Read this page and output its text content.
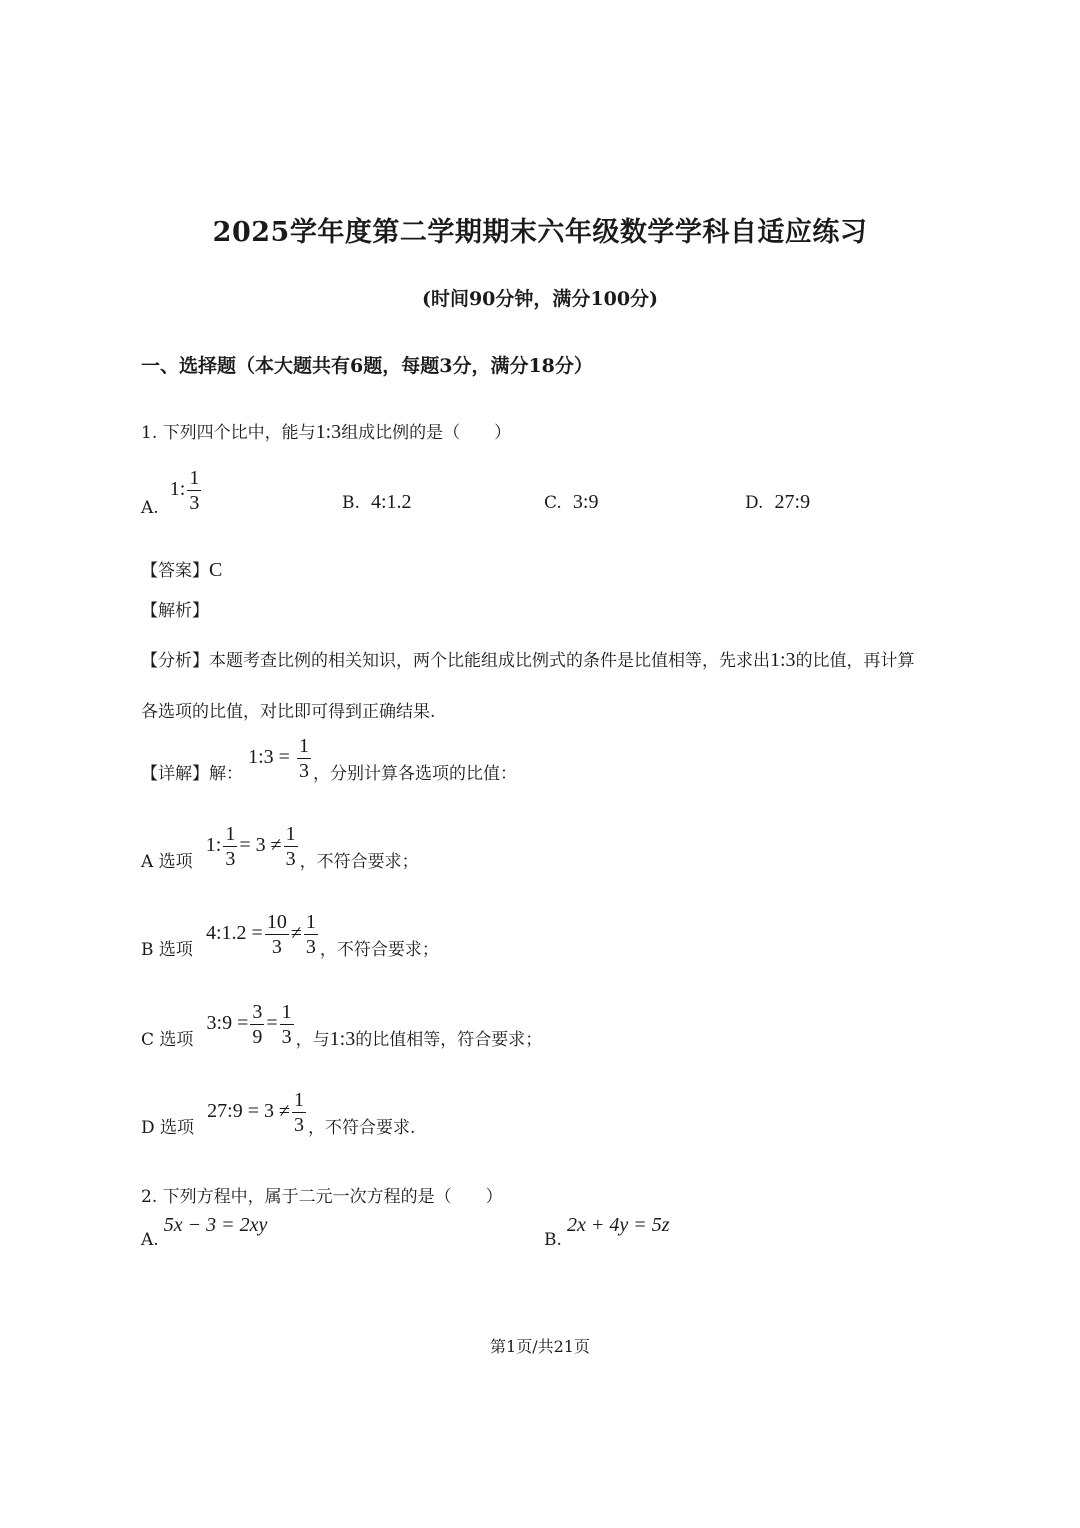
2025学年度第二学期期末六年级数学学科自适应练习
(时间90分钟，满分100分)
一、选择题（本大题共有6题，每题3分，满分18分）
1. 下列四个比中，能与1:3组成比例的是（　　）
A. 1: $\frac{1}{3}$	B. 4:1.2	C. 3:9	D. 27:9
【答案】C
【解析】
【分析】本题考查比例的相关知识，两个比能组成比例式的条件是比值相等，先求出1:3的比值，再计算
各选项的比值，对比即可得到正确结果.
【详解】解： 1:3 = $\frac{1}{3}$ ，分别计算各选项的比值：
A 选项 1: $\frac{1}{3} = 3 \ne \frac{1}{3}$ ，不符合要求；
B 选项 4:1.2 = $\frac{10}{3} \ne \frac{1}{3}$ ，不符合要求；
C 选项 3:9 = $\frac{3}{9} = \frac{1}{3}$ ，与1:3的比值相等，符合要求；
D 选项 27:9 = $3 \ne \frac{1}{3}$ ，不符合要求.
2. 下列方程中，属于二元一次方程的是（　　）
A. 5x − 3 = 2xy
B. 2x + 4y = 5z
第1页/共21页
